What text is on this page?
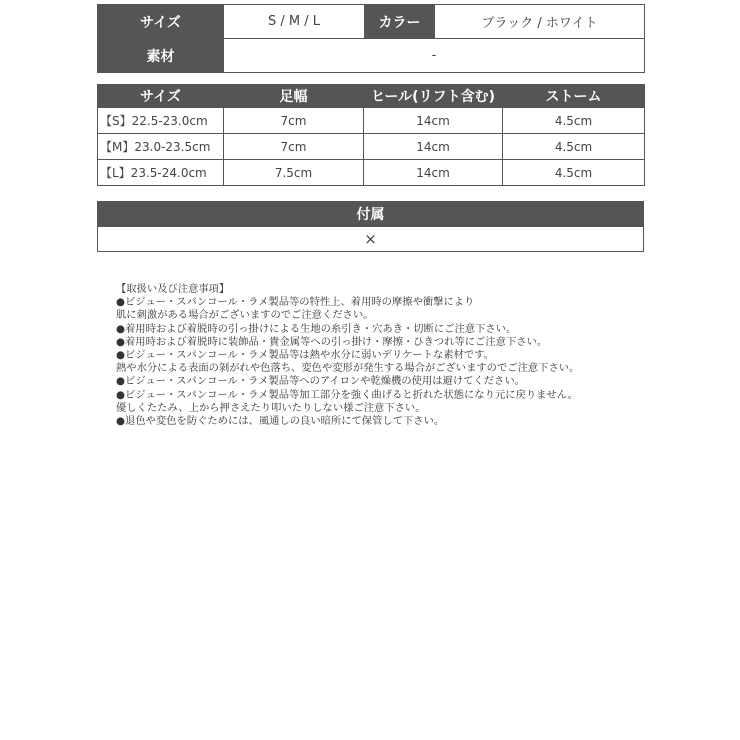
サイズ	S / M / L	カラー	ブラック / ホワイト
素材	-		
サイズ	足幅	ヒール(リフト含む)	ストーム
【S】22.5-23.0cm	7cm	14cm	4.5cm
【M】23.0-23.5cm	7cm	14cm	4.5cm
【L】23.5-24.0cm	7.5cm	14cm	4.5cm
付属
×
【取扱い及び注意事項】
●ビジュー・スパンコール・ラメ製品等の特性上、着用時の摩擦や衝撃により
肌に刺激がある場合がございますのでご注意ください。
●着用時および着脱時の引っ掛けによる生地の糸引き・穴あき・切断にご注意下さい。
●着用時および着脱時に装飾品・貴金属等への引っ掛け・摩擦・ひきつれ等にご注意下さい。
●ビジュー・スパンコール・ラメ製品等は熱や水分に弱いデリケートな素材です。
熱や水分による表面の剝がれや色落ち、変色や変形が発生する場合がございますのでご注意下さい。
●ビジュー・スパンコール・ラメ製品等へのアイロンや乾燥機の使用は避けてください。
●ビジュー・スパンコール・ラメ製品等加工部分を強く曲げると折れた状態になり元に戻りません。
優しくたたみ、上から押さえたり叩いたりしない様ご注意下さい。
●退色や変色を防ぐためには、風通しの良い暗所にて保管して下さい。
